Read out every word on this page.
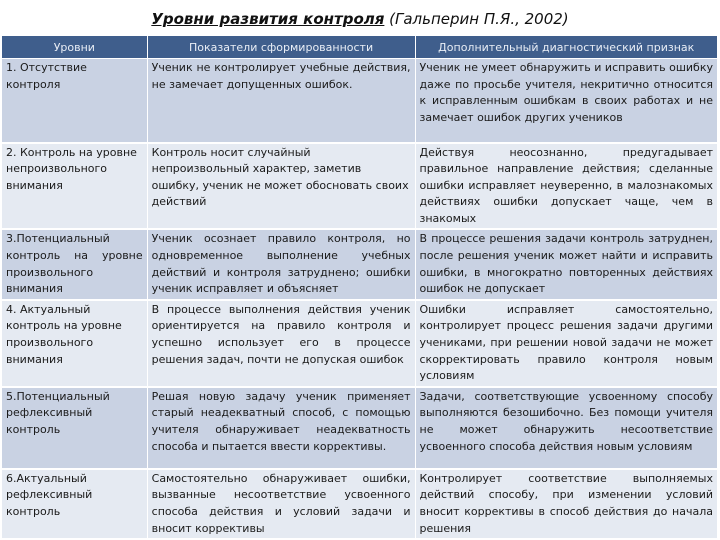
Уровни развития контроля (Гальперин П.Я., 2002)
Уровни	Показатели сформированности	Дополнительный диагностический признак
1. Отсутствие контроля	Ученик не контролирует учебные действия, не замечает допущенных ошибок.	Ученик не умеет обнаружить и исправить ошибку даже по просьбе учителя, некритично относится к исправленным ошибкам в своих работах и не замечает ошибок других учеников
2. Контроль на уровне непроизвольного внимания	Контроль носит случайный непроизвольный характер, заметив ошибку, ученик не может обосновать своих действий	Действуя неосознанно, предугадывает правильное направление действия; сделанные ошибки исправляет неуверенно, в малознакомых действиях ошибки допускает чаще, чем в знакомых
3.Потенциальный контроль на уровне произвольного внимания	Ученик осознает правило контроля, но одновременное выполнение учебных действий и контроля затруднено; ошибки ученик исправляет и объясняет	В процессе решения задачи контроль затруднен, после решения ученик может найти и исправить ошибки, в многократно повторенных действиях ошибок не допускает
4. Актуальный контроль на уровне произвольного внимания	В процессе выполнения действия ученик ориентируется на правило контроля и успешно использует его в процессе решения задач, почти не допуская ошибок	Ошибки исправляет самостоятельно, контролирует процесс решения задачи другими учениками, при решении новой задачи не может скорректировать правило контроля новым условиям
5.Потенциальный рефлексивный контроль	Решая новую задачу ученик применяет старый неадекватный способ, с помощью учителя обнаруживает неадекватность способа и пытается ввести коррективы.	Задачи, соответствующие усвоенному способу выполняются безошибочно. Без помощи учителя не может обнаружить несоответствие усвоенного способа действия новым условиям
6.Актуальный рефлексивный контроль	Самостоятельно обнаруживает ошибки, вызванные несоответствие усвоенного способа действия и условий задачи и вносит коррективы	Контролирует соответствие выполняемых действий способу, при изменении условий вносит коррективы в способ действия до начала решения
